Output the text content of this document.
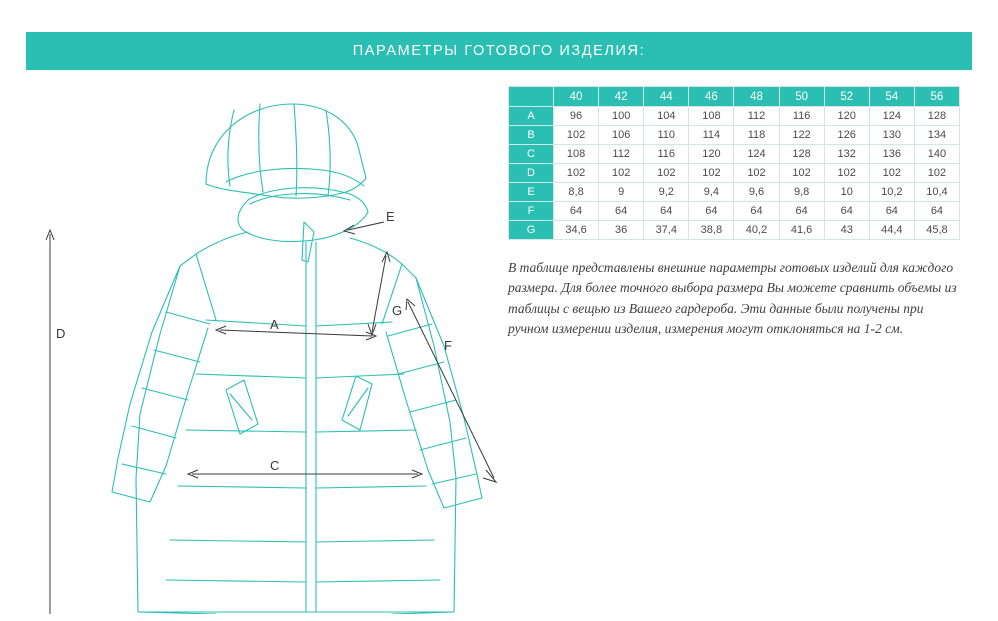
ПАРАМЕТРЫ ГОТОВОГО ИЗДЕЛИЯ:
D
A
C
E
F
G
	40	42	44	46	48	50	52	54	56
A	96	100	104	108	112	116	120	124	128
B	102	106	110	114	118	122	126	130	134
C	108	112	116	120	124	128	132	136	140
D	102	102	102	102	102	102	102	102	102
E	8,8	9	9,2	9,4	9,6	9,8	10	10,2	10,4
F	64	64	64	64	64	64	64	64	64
G	34,6	36	37,4	38,8	40,2	41,6	43	44,4	45,8

В таблице представлены внешние параметры готовых изделий для каждого размера. Для более точного выбора размера Вы можете сравнить объемы из таблицы с вещью из Вашего гардероба. Эти данные были получены при ручном измерении изделия, измерения могут отклоняться на 1-2 см.
